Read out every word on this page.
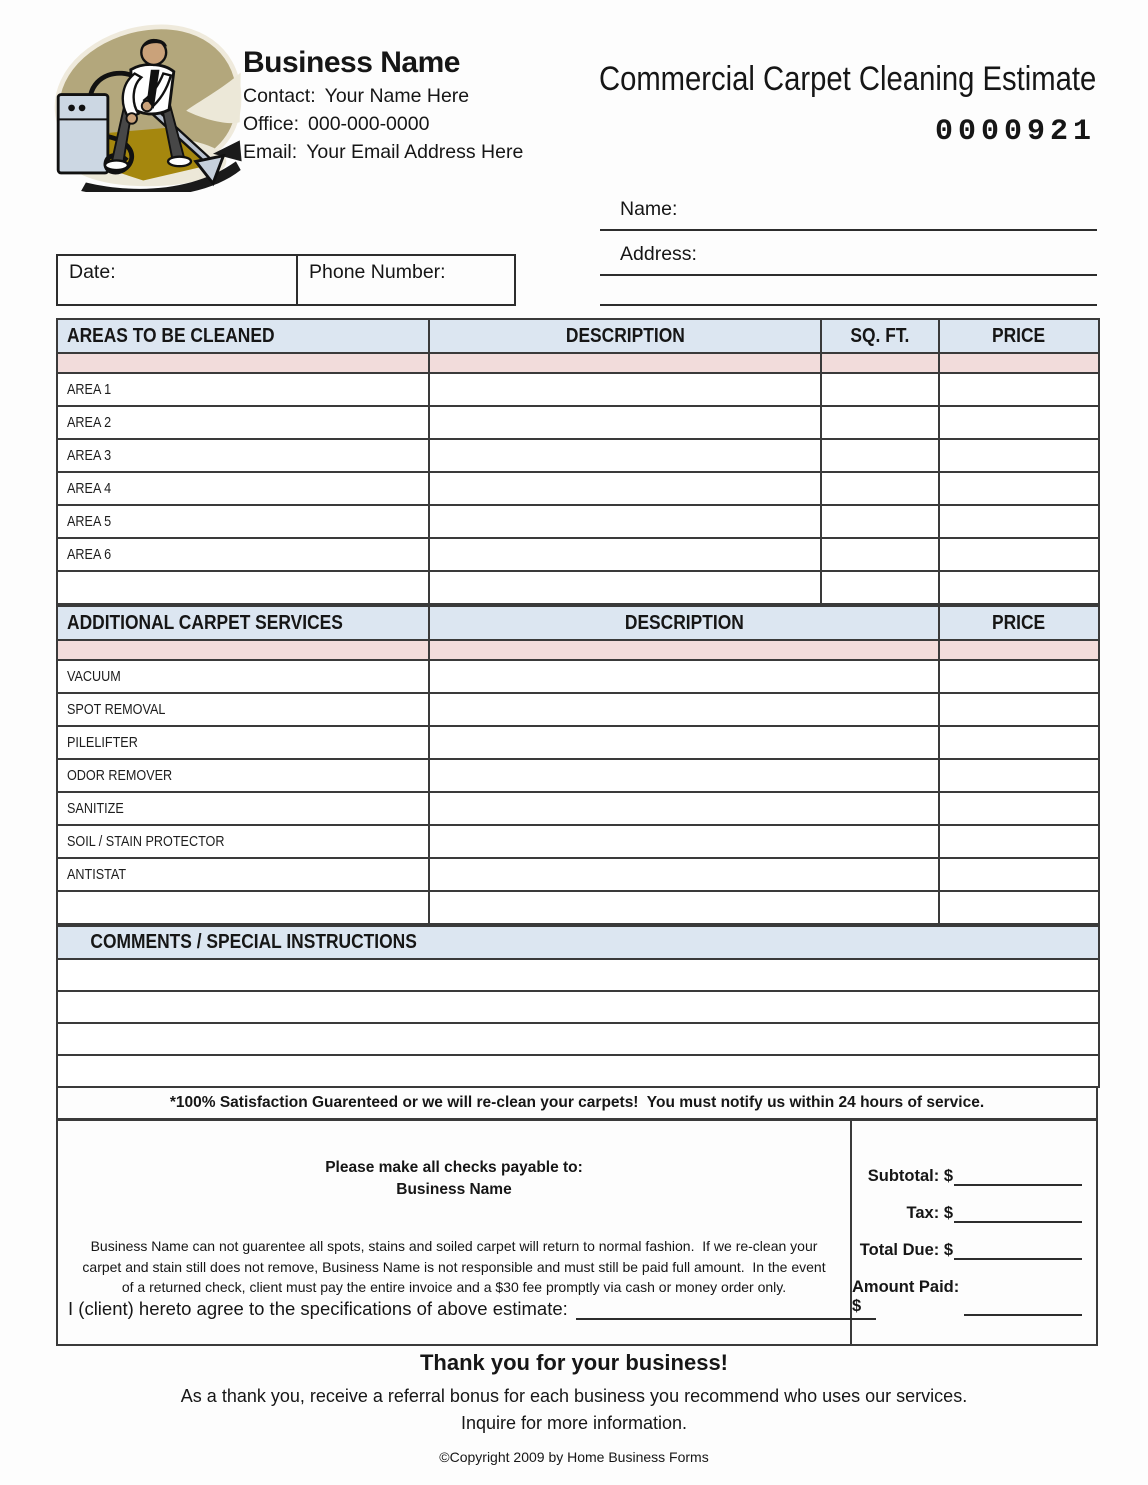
Business Name
Contact: Your Name Here
Office: 000-000-0000
Email: Your Email Address Here
Commercial Carpet Cleaning Estimate
0000921
Name:
Address:
Date:	Phone Number:
AREAS TO BE CLEANED	DESCRIPTION	SQ. FT.	PRICE

AREA 1			
AREA 2			
AREA 3			
AREA 4			
AREA 5			
AREA 6			

ADDITIONAL CARPET SERVICES	DESCRIPTION	PRICE

VACUUM		
SPOT REMOVAL		
PILELIFTER		
ODOR REMOVER		
SANITIZE		
SOIL / STAIN PROTECTOR		
ANTISTAT		

COMMENTS / SPECIAL INSTRUCTIONS

*100% Satisfaction Guarenteed or we will re-clean your carpets!  You must notify us within 24 hours of service.
Please make all checks payable to:
Business Name
Business Name can not guarentee all spots, stains and soiled carpet will return to normal fashion.  If we re-clean your carpet and stain still does not remove, Business Name is not responsible and must still be paid full amount.  In the event of a returned check, client must pay the entire invoice and a $30 fee promptly via cash or money order only.
I (client) hereto agree to the specifications of above estimate:
Subtotal: $
Tax: $
Total Due: $
Amount Paid: $
Thank you for your business!
As a thank you, receive a referral bonus for each business you recommend who uses our services.
Inquire for more information.
©Copyright 2009 by Home Business Forms
